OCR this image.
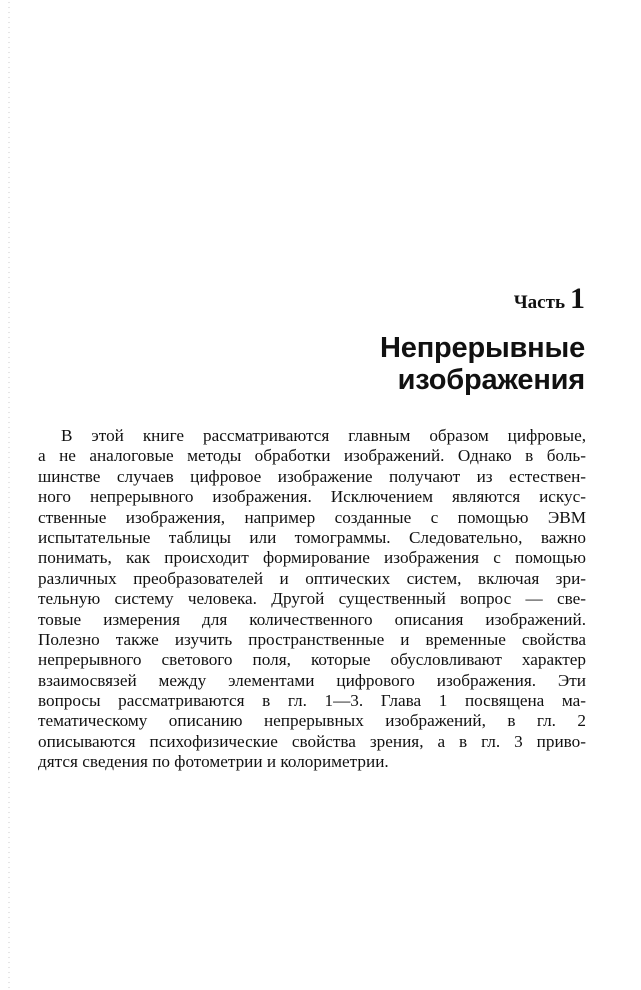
Часть 1
Непрерывные
изображения
В этой книге рассматриваются главным образом цифровые,
а не аналоговые методы обработки изображений. Однако в боль-
шинстве случаев цифровое изображение получают из естествен-
ного непрерывного изображения. Исключением являются искус-
ственные изображения, например созданные с помощью ЭВМ
испытательные таблицы или томограммы. Следовательно, важно
понимать, как происходит формирование изображения с помощью
различных преобразователей и оптических систем, включая зри-
тельную систему человека. Другой существенный вопрос — све-
товые измерения для количественного описания изображений.
Полезно также изучить пространственные и временные свойства
непрерывного светового поля, которые обусловливают характер
взаимосвязей между элементами цифрового изображения. Эти
вопросы рассматриваются в гл. 1—3. Глава 1 посвящена ма-
тематическому описанию непрерывных изображений, в гл. 2
описываются психофизические свойства зрения, а в гл. 3 приво-
дятся сведения по фотометрии и колориметрии.
